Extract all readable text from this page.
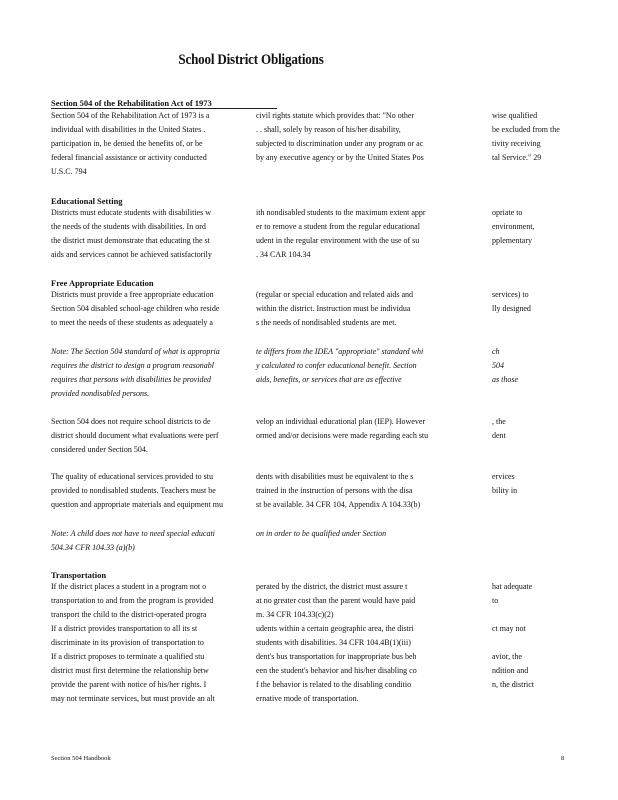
School District Obligations
Section 504 of the Rehabilitation Act of 1973
Section 504 of the Rehabilitation Act of 1973 is a	civil rights statute which provides that: "No other	wise qualified
individual with disabilities in the United States .	. . shall, solely by reason of his/her disability,	be excluded from the
participation in, be denied the benefits of, or be	subjected to discrimination under any program or ac	tivity receiving
federal financial assistance or activity conducted	by any executive agency or by the United States Pos	tal Service." 29
U.S.C. 794
Educational Setting
Districts must educate students with disabilities w	ith nondisabled students to the maximum extent appr	opriate to
the needs of the students with disabilities. In ord	er to remove a student from the regular educational	environment,
the district must demonstrate that educating the st	udent in the regular environment with the use of su	pplementary
aids and services cannot be achieved satisfactorily	. 34 CAR 104.34
Free Appropriate Education
Districts must provide a free appropriate education	(regular or special education and related aids and	services) to
Section 504 disabled school-age children who reside	within the district. Instruction must be individua	lly designed
to meet the needs of these students as adequately a	s the needs of nondisabled students are met.
Note: The Section 504 standard of what is appropria	te differs from the IDEA "appropriate" standard whi	ch
requires the district to design a program reasonabl	y calculated to confer educational benefit. Section	504
requires that persons with disabilities be provided	aids, benefits, or services that are as effective	as those
provided nondisabled persons.
Section 504 does not require school districts to de	velop an individual educational plan (IEP). However	, the
district should document what evaluations were perf	ormed and/or decisions were made regarding each stu	dent
considered under Section 504.
The quality of educational services provided to stu	dents with disabilities must be equivalent to the s	ervices
provided to nondisabled students. Teachers must be	trained in the instruction of persons with the disa	bility in
question and appropriate materials and equipment mu	st be available. 34 CFR 104, Appendix A 104.33(b)
Note: A child does not have to need special educati	on in order to be qualified under Section
504.34 CFR 104.33 (a)(b)
Transportation
If the district places a student in a program not o	perated by the district, the district must assure t	hat adequate
transportation to and from the program is provided	at no greater cost than the parent would have paid	to
transport the child to the district-operated progra	m. 34 CFR 104.33(c)(2)
If a district provides transportation to all its st	udents within a certain geographic area, the distri	ct may not
discriminate in its provision of transportation to	students with disabilities. 34 CFR 104.4B(1)(iii)
If a district proposes to terminate a qualified stu	dent's bus transportation for inappropriate bus beh	avior, the
district must first determine the relationship betw	een the student's behavior and his/her disabling co	ndition and
provide the parent with notice of his/her rights. I	f the behavior is related to the disabling conditio	n, the district
may not terminate services, but must provide an alt	ernative mode of transportation.
Section 504 Handbook	8
